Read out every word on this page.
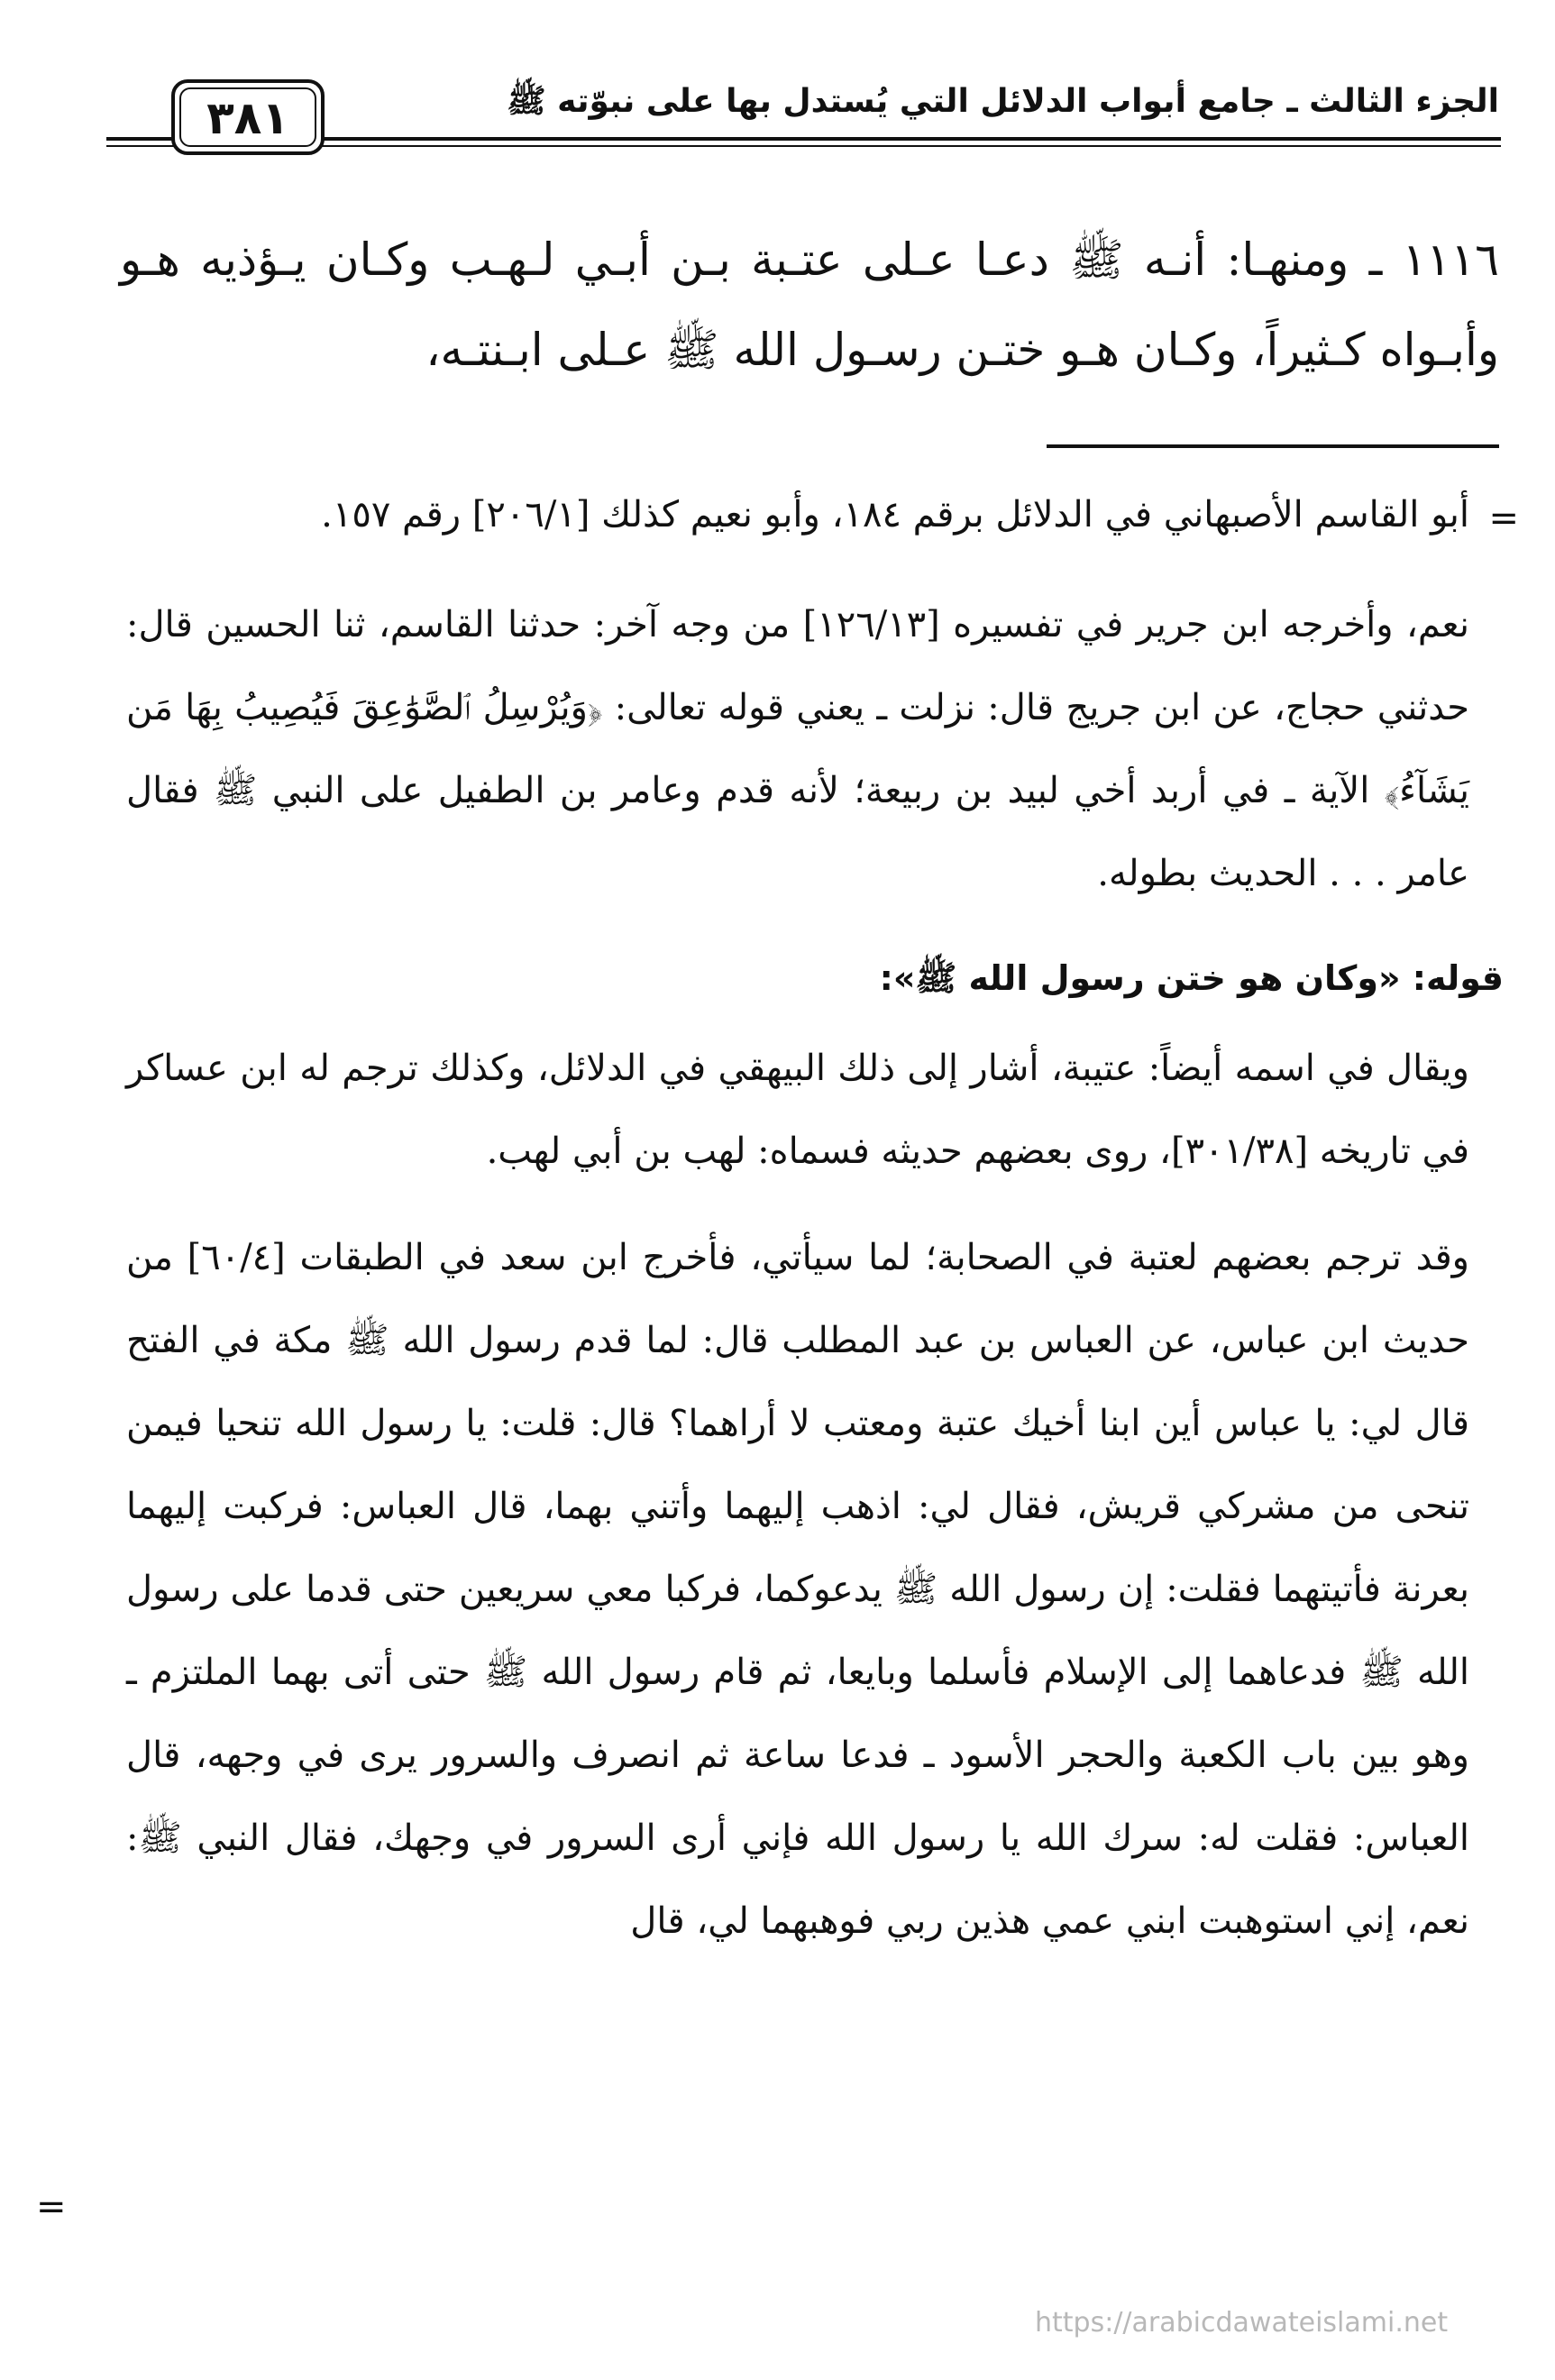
الجزء الثالث ـ جامع أبواب الدلائل التي يُستدل بها على نبوّته ﷺ
٣٨١
١١١٦ ـ ومنهـا: أنـه ﷺ دعـا عـلى عتـبة بـن أبـي لـهـب وكـان يـؤذيه هـو وأبـواه كـثيراً، وكـان هـو ختـن رسـول الله ﷺ عـلى ابـنتـه،
=

أبو القاسم الأصبهاني في الدلائل برقم ١٨٤، وأبو نعيم كذلك [٢٠٦/١] رقم ١٥٧.

نعم، وأخرجه ابن جرير في تفسيره [١٢٦/١٣] من وجه آخر: حدثنا القاسم، ثنا الحسين قال: حدثني حجاج، عن ابن جريج قال: نزلت ـ يعني قوله تعالى: ﴿وَيُرْسِلُ ٱلصَّوَٰعِقَ فَيُصِيبُ بِهَا مَن يَشَآءُ﴾ الآية ـ في أربد أخي لبيد بن ربيعة؛ لأنه قدم وعامر بن الطفيل على النبي ﷺ فقال عامر . . . الحديث بطوله.

قوله: «وكان هو ختن رسول الله ﷺ»:

ويقال في اسمه أيضاً: عتيبة، أشار إلى ذلك البيهقي في الدلائل، وكذلك ترجم له ابن عساكر في تاريخه [٣٠١/٣٨]، روى بعضهم حديثه فسماه: لهب بن أبي لهب.

وقد ترجم بعضهم لعتبة في الصحابة؛ لما سيأتي، فأخرج ابن سعد في الطبقات [٦٠/٤] من حديث ابن عباس، عن العباس بن عبد المطلب قال: لما قدم رسول الله ﷺ مكة في الفتح قال لي: يا عباس أين ابنا أخيك عتبة ومعتب لا أراهما؟ قال: قلت: يا رسول الله تنحيا فيمن تنحى من مشركي قريش، فقال لي: اذهب إليهما وأتني بهما، قال العباس: فركبت إليهما بعرنة فأتيتهما فقلت: إن رسول الله ﷺ يدعوكما، فركبا معي سريعين حتى قدما على رسول الله ﷺ فدعاهما إلى الإسلام فأسلما وبايعا، ثم قام رسول الله ﷺ حتى أتى بهما الملتزم ـ وهو بين باب الكعبة والحجر الأسود ـ فدعا ساعة ثم انصرف والسرور يرى في وجهه، قال العباس: فقلت له: سرك الله يا رسول الله فإني أرى السرور في وجهك، فقال النبي ﷺ: نعم، إني استوهبت ابني عمي هذين ربي فوهبهما لي، قال

=
https://arabicdawateislami.net
